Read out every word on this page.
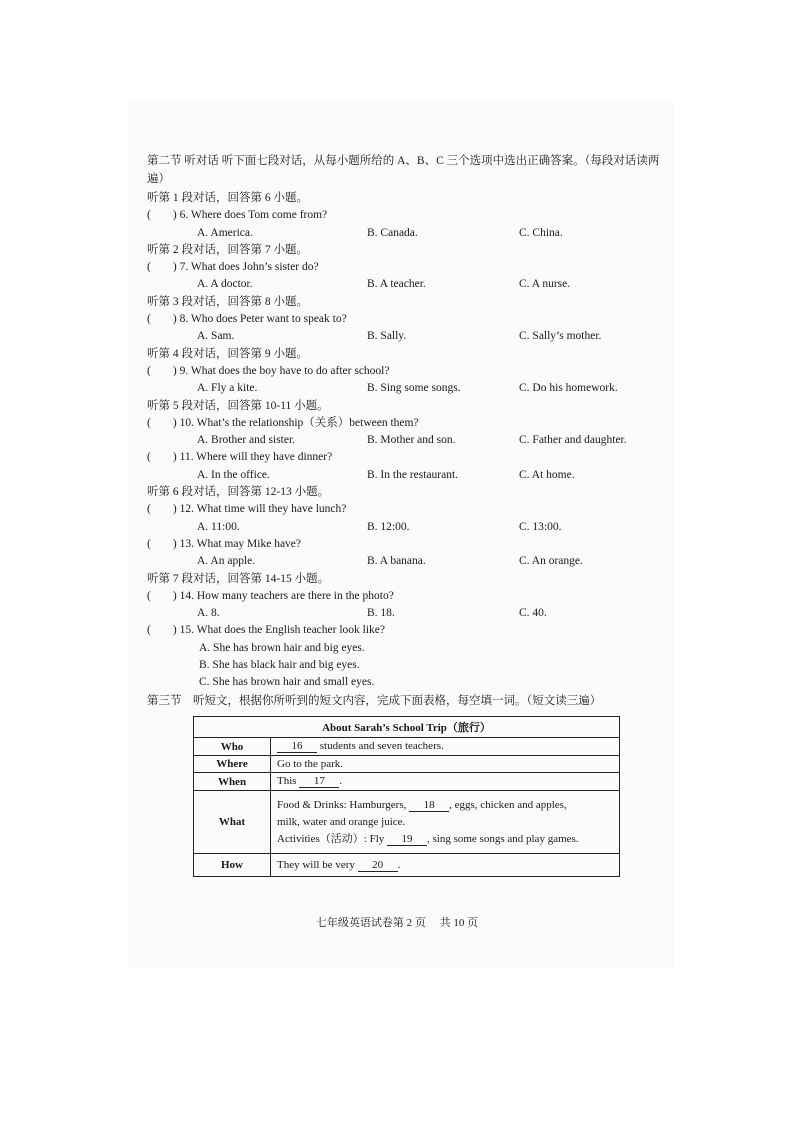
第二节 听对话 听下面七段对话，从每小题所给的 A、B、C 三个选项中选出正确答案。（每段对话读两遍）
听第 1 段对话，回答第 6 小题。
( ) 6. Where does Tom come from?
A. America.	B. Canada.	C. China.
听第 2 段对话，回答第 7 小题。
( ) 7. What does John’s sister do?
A. A doctor.	B. A teacher.	C. A nurse.
听第 3 段对话，回答第 8 小题。
( ) 8. Who does Peter want to speak to?
A. Sam.	B. Sally.	C. Sally’s mother.
听第 4 段对话，回答第 9 小题。
( ) 9. What does the boy have to do after school?
A. Fly a kite.	B. Sing some songs.	C. Do his homework.
听第 5 段对话，回答第 10-11 小题。
( ) 10. What’s the relationship（关系）between them?
A. Brother and sister.	B. Mother and son.	C. Father and daughter.
( ) 11. Where will they have dinner?
A. In the office.	B. In the restaurant.	C. At home.
听第 6 段对话，回答第 12-13 小题。
( ) 12. What time will they have lunch?
A. 11:00.	B. 12:00.	C. 13:00.
( ) 13. What may Mike have?
A. An apple.	B. A banana.	C. An orange.
听第 7 段对话，回答第 14-15 小题。
( ) 14. How many teachers are there in the photo?
A. 8.	B. 18.	C. 40.
( ) 15. What does the English teacher look like?
A. She has brown hair and big eyes.
B. She has black hair and big eyes.
C. She has brown hair and small eyes.
第三节　听短文，根据你所听到的短文内容，完成下面表格，每空填一词。（短文读三遍）
About Sarah’s School Trip（旅行）	
Who	16 students and seven teachers.
Where	Go to the park.
When	This 17 .
What	Food & Drinks: Hamburgers, 18 , eggs, chicken and apples,
milk, water and orange juice.
Activities（活动）: Fly 19 , sing some songs and play games.

How	They will be very 20 .
七年级英语试卷第 2 页　 共 10 页
